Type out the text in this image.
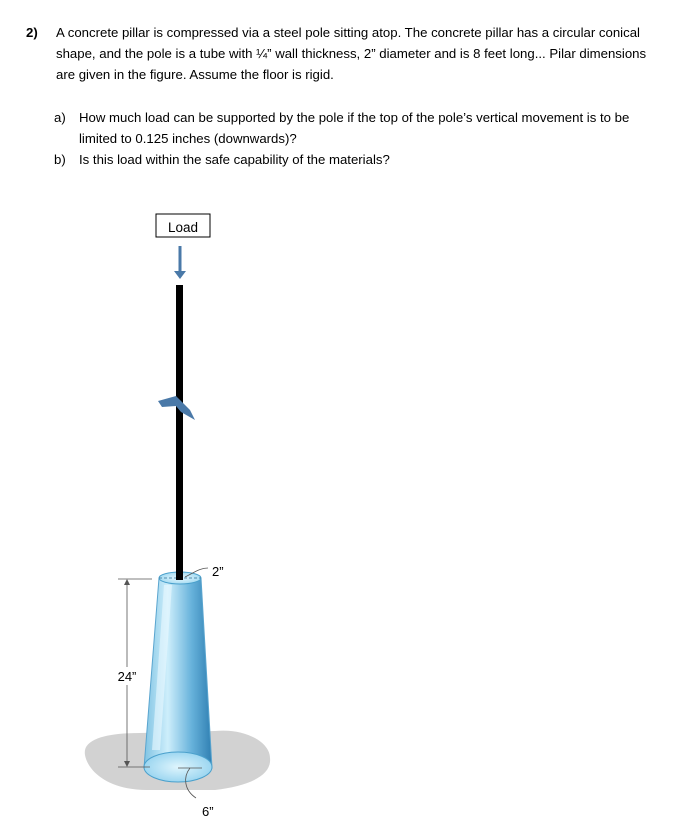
2) A concrete pillar is compressed via a steel pole sitting atop. The concrete pillar has a circular conical shape, and the pole is a tube with ¼” wall thickness, 2” diameter and is 8 feet long... Pilar dimensions are given in the figure. Assume the floor is rigid.
a) How much load can be supported by the pole if the top of the pole’s vertical movement is to be limited to 0.125 inches (downwards)?
b) Is this load within the safe capability of the materials?
Load
2”
24”
6”
